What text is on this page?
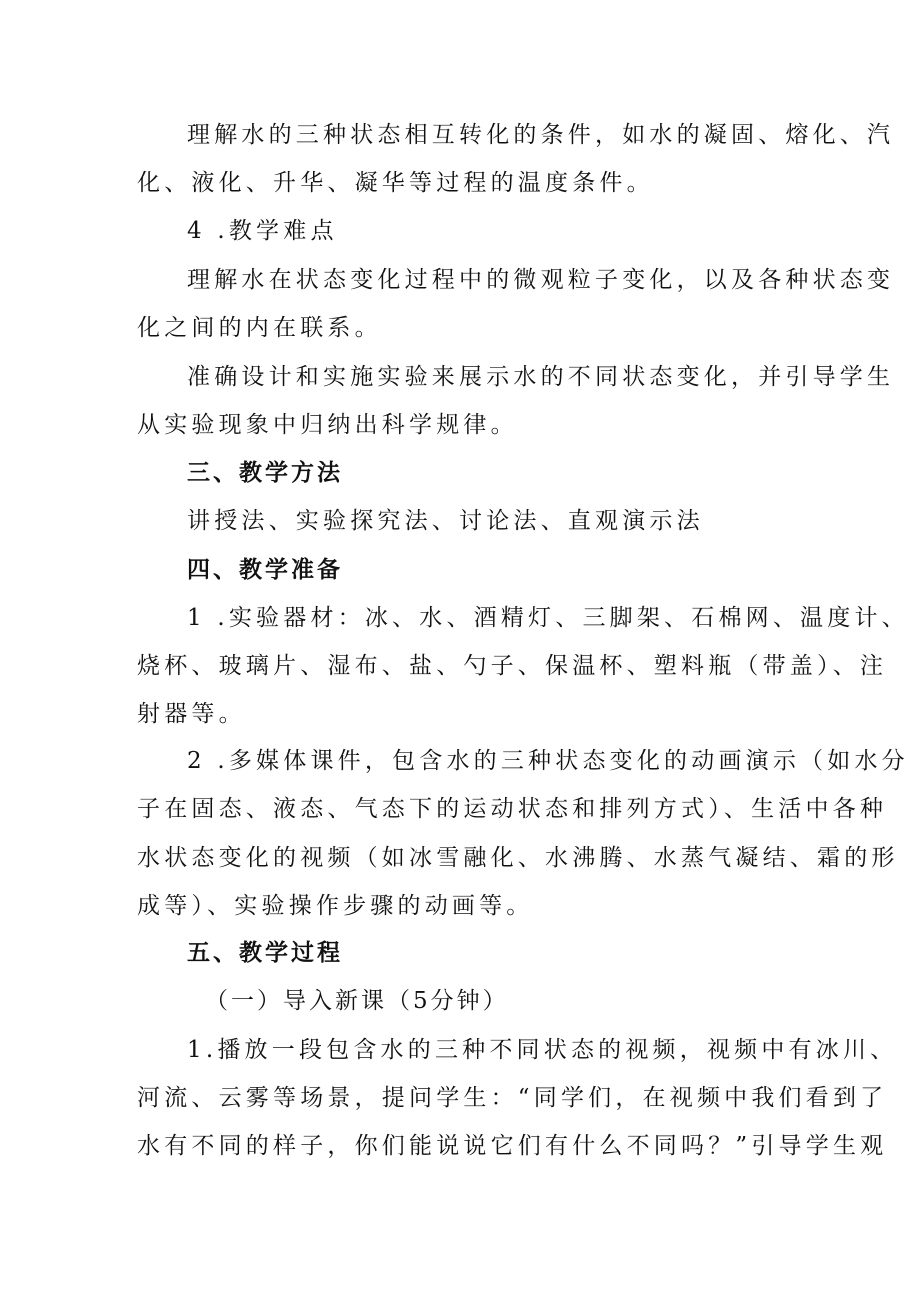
理解水的三种状态相互转化的条件，如水的凝固、熔化、汽
化、液化、升华、凝华等过程的温度条件。
4 .教学难点
理解水在状态变化过程中的微观粒子变化，以及各种状态变
化之间的内在联系。
准确设计和实施实验来展示水的不同状态变化，并引导学生
从实验现象中归纳出科学规律。
三、教学方法
讲授法、实验探究法、讨论法、直观演示法
四、教学准备
1 .实验器材：冰、水、酒精灯、三脚架、石棉网、温度计、
烧杯、玻璃片、湿布、盐、勺子、保温杯、塑料瓶（带盖）、注
射器等。
2 .多媒体课件，包含水的三种状态变化的动画演示（如水分
子在固态、液态、气态下的运动状态和排列方式）、生活中各种
水状态变化的视频（如冰雪融化、水沸腾、水蒸气凝结、霜的形
成等）、实验操作步骤的动画等。
五、教学过程
（一）导入新课（5分钟）
1.播放一段包含水的三种不同状态的视频，视频中有冰川、
河流、云雾等场景，提问学生：“同学们，在视频中我们看到了
水有不同的样子，你们能说说它们有什么不同吗？”引导学生观
